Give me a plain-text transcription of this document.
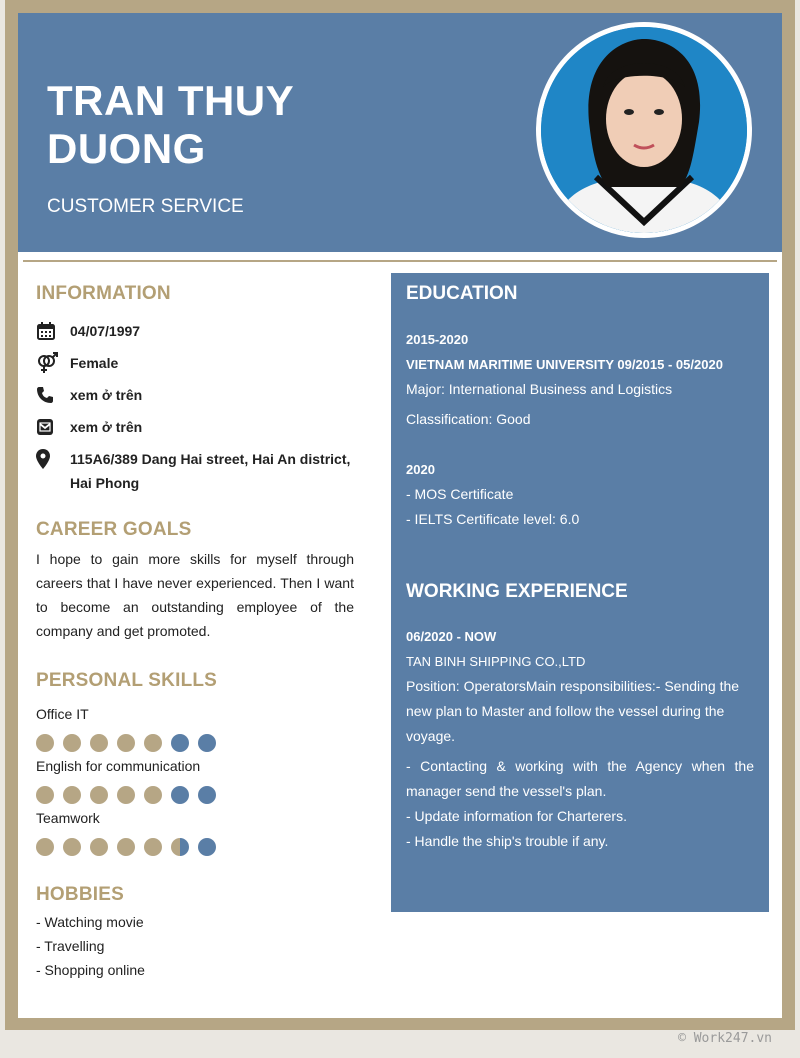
TRAN THUY DUONG
CUSTOMER SERVICE
INFORMATION
04/07/1997
Female
xem ở trên
xem ở trên
115A6/389 Dang Hai street, Hai An district, Hai Phong
CAREER GOALS
I hope to gain more skills for myself through careers that I have never experienced. Then I want to become an outstanding employee of the company and get promoted.
PERSONAL SKILLS
Office IT
English for communication
Teamwork
HOBBIES
- Watching movie
- Travelling
- Shopping online
EDUCATION
2015-2020
VIETNAM MARITIME UNIVERSITY 09/2015 - 05/2020
Major: International Business and Logistics
Classification: Good
2020
- MOS Certificate
- IELTS Certificate level: 6.0
WORKING EXPERIENCE
06/2020 - NOW
TAN BINH SHIPPING CO.,LTD
Position: OperatorsMain responsibilities:- Sending the new plan to Master and follow the vessel during the voyage.
- Contacting & working with the Agency when the manager send the vessel's plan.
- Update information for Charterers.
- Handle the ship's trouble if any.
© Work247.vn
